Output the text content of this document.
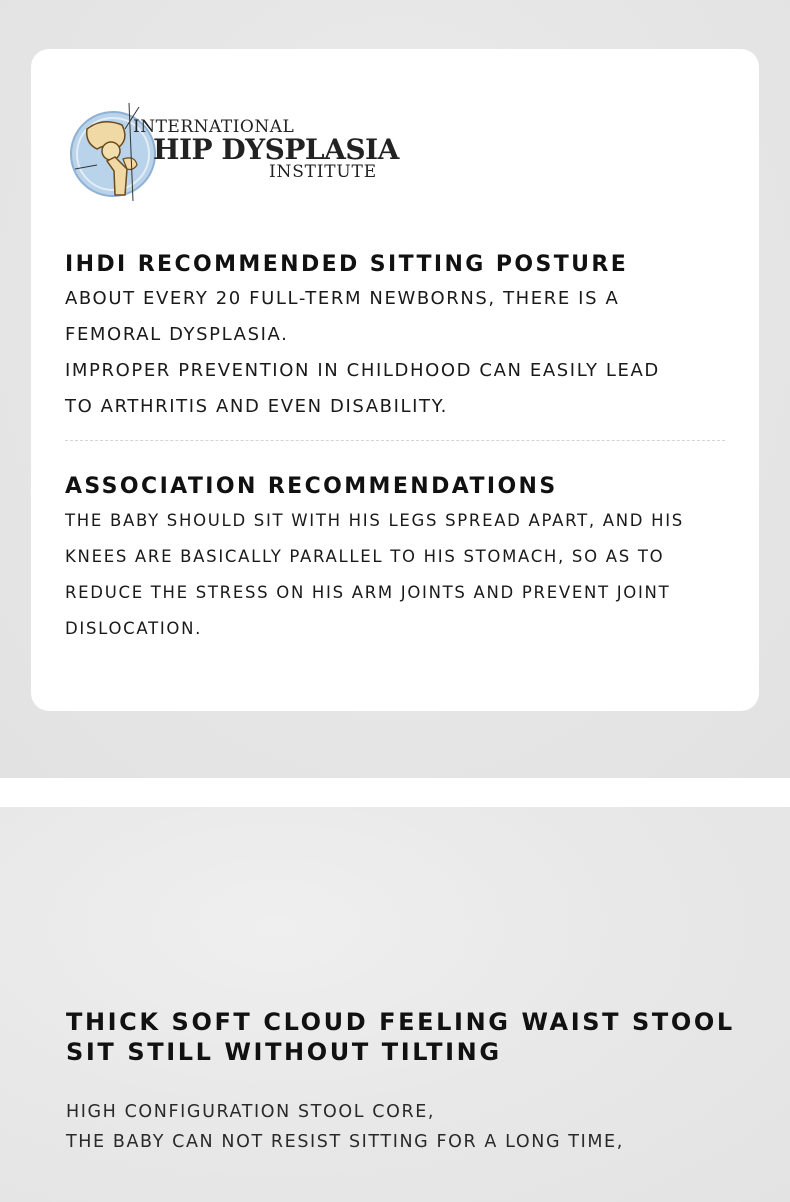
INTERNATIONAL
HIP DYSPLASIA
INSTITUTE
IHDI RECOMMENDED SITTING POSTURE

ABOUT EVERY 20 FULL-TERM NEWBORNS, THERE IS A

FEMORAL DYSPLASIA.

IMPROPER PREVENTION IN CHILDHOOD CAN EASILY LEAD

TO ARTHRITIS AND EVEN DISABILITY.

ASSOCIATION RECOMMENDATIONS

THE BABY SHOULD SIT WITH HIS LEGS SPREAD APART, AND HIS

KNEES ARE BASICALLY PARALLEL TO HIS STOMACH, SO AS TO

REDUCE THE STRESS ON HIS ARM JOINTS AND PREVENT JOINT

DISLOCATION.

THICK SOFT CLOUD FEELING WAIST STOOL
SIT STILL WITHOUT TILTING
HIGH CONFIGURATION STOOL CORE,
THE BABY CAN NOT RESIST SITTING FOR A LONG TIME,
